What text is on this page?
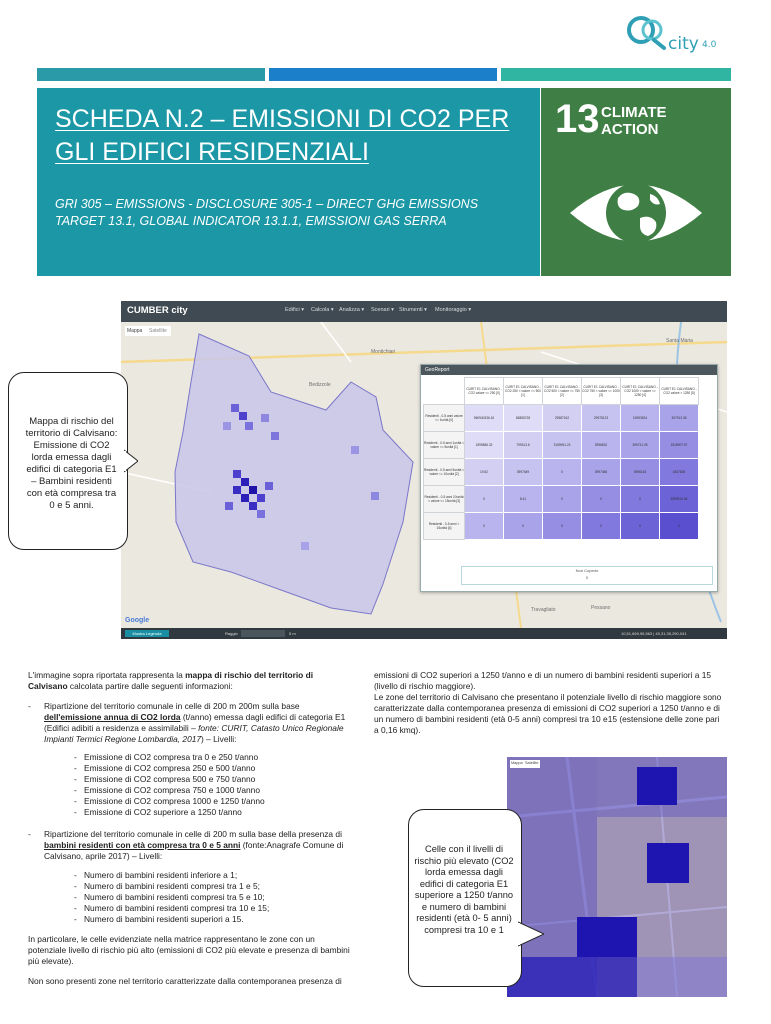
city 4.0
SCHEDA N.2 – EMISSIONI DI CO2 PER
GLI EDIFICI RESIDENZIALI
GRI 305 – EMISSIONS - DISCLOSURE 305-1 – DIRECT GHG EMISSIONS
TARGET 13.1, GLOBAL INDICATOR 13.1.1, EMISSIONI GAS SERRA
13 CLIMATE
ACTION
CUMBER city	Edifici ▾ Calcola ▾ Analizza ▾ Scenari ▾ Strumenti ▾ Monitoraggio ▾
Mappa Satellite
Bedizzole
Montichiari
Santa Maria
Travagliato	Pessano
Google
GeoReport
	CURIT E1 CALVISANO - CO2 valore <= 250 [0]	CURIT E1 CALVISANO - CO2 250 < valore <= 500 [1]	CURIT E1 CALVISANO - CO2 500 < valore <= 750 [2]	CURIT E1 CALVISANO - CO2 750 < valore <= 1000 [3]	CURIT E1 CALVISANO - CO2 1000 < valore <= 1250 [4]	CURIT E1 CALVISANO - CO2 valore > 1250 [5]
Residenti - 0-5 anni valore <= 1unità [0]	960940336.16	65855728	29587162	29978123	15993534	307913.36
Residenti - 0-5 anni 1unità < valore <= 5unità [1]	1599886.32	799313.6	3159951.23	3998632	399731.05	1515907.97
Residenti - 0-5 anni 5unità < valore <= 10unità [2]	19.52	3997649	0	3997465	3996163	4307835
Residenti - 0-5 anni 10unità < valore <= 15unità [3]	0	8.41	0	0	0	5399914.36
Residenti - 0-5 anni > 15unità [4]	0	0	0	0	0	0
Non Coperto
0
Mostra Legenda	Raggio	5 m	10,51,669,95,563 | 45,31,35,290,041
Mappa di rischio del territorio di Calvisano: Emissione di CO2 lorda emessa dagli edifici di categoria E1 – Bambini residenti con età compresa tra 0 e 5 anni.

L'immagine sopra riportata rappresenta la mappa di rischio del territorio di Calvisano calcolata partire dalle seguenti informazioni:

- Ripartizione del territorio comunale in celle di 200 m 200m sulla base dell'emissione annua di CO2 lorda (t/anno) emessa dagli edifici di categoria E1 (Edifici adibiti a residenza e assimilabili – fonte: CURIT, Catasto Unico Regionale Impianti Termici Regione Lombardia, 2017) – Livelli:
- Emissione di CO2 compresa tra 0 e 250 t/anno
- Emissione di CO2 compresa 250 e 500 t/anno
- Emissione di CO2 compresa 500 e 750 t/anno
- Emissione di CO2 compresa 750 e 1000 t/anno
- Emissione di CO2 compresa 1000 e 1250 t/anno
- Emissione di CO2 superiore a 1250 t/anno
- Ripartizione del territorio comunale in celle di 200 m sulla base della presenza di bambini residenti con età compresa tra 0 e 5 anni (fonte:Anagrafe Comune di Calvisano, aprile 2017) – Livelli:
- Numero di bambini residenti inferiore a 1;
- Numero di bambini residenti compresi tra 1 e 5;
- Numero di bambini residenti compresi tra 5 e 10;
- Numero di bambini residenti compresi tra 10 e 15;
- Numero di bambini residenti superiori a 15.

In particolare, le celle evidenziate nella matrice rappresentano le zone con un potenziale livello di rischio più alto (emissioni di CO2 più elevate e presenza di bambini più elevate).

Non sono presenti zone nel territorio caratterizzate dalla contemporanea presenza di

emissioni di CO2 superiori a 1250 t/anno e di un numero di bambini residenti superiori a 15 (livello di rischio maggiore).

Le zone del territorio di Calvisano che presentano il potenziale livello di rischio maggiore sono caratterizzate dalla contemporanea presenza di emissioni di CO2 superiori a 1250 t/anno e di un numero di bambini residenti (età 0-5 anni) compresi tra 10 e15 (estensione delle zone pari a 0,16 kmq).

Mappa Satellite
Celle con il livelli di rischio più elevato (CO2 lorda emessa dagli edifici di categoria E1 superiore a 1250 t/anno e numero di bambini residenti (età 0- 5 anni) compresi tra 10 e 1
